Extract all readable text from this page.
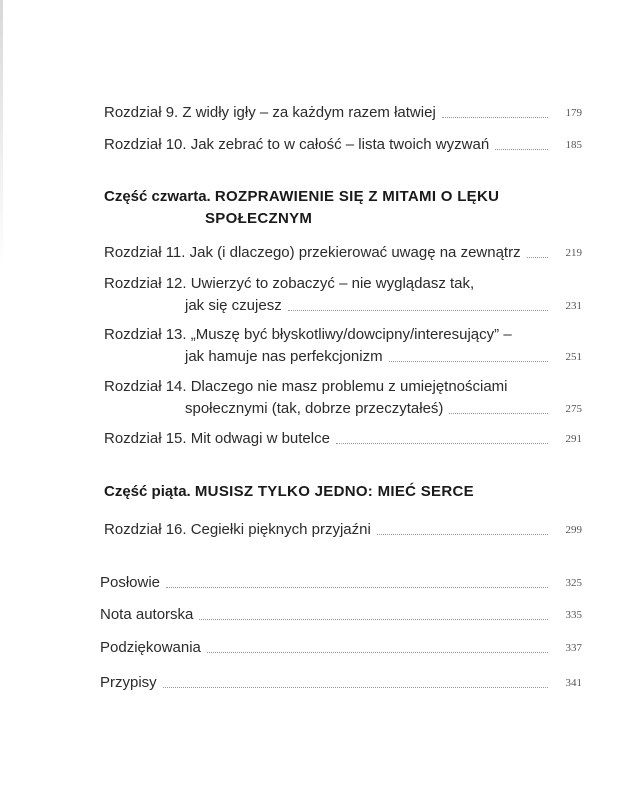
Rozdział 9. Z widły igły – za każdym razem łatwiej	179
Rozdział 10. Jak zebrać to w całość – lista twoich wyzwań	185
Część czwarta. ROZPRAWIENIE SIĘ Z MITAMI O LĘKU
SPOŁECZNYM
Rozdział 11. Jak (i dlaczego) przekierować uwagę na zewnątrz	219
Rozdział 12. Uwierzyć to zobaczyć – nie wyglądasz tak,
jak się czujesz	231
Rozdział 13. „Muszę być błyskotliwy/dowcipny/interesujący” –
jak hamuje nas perfekcjonizm	251
Rozdział 14. Dlaczego nie masz problemu z umiejętnościami
społecznymi (tak, dobrze przeczytałeś)	275
Rozdział 15. Mit odwagi w butelce	291
Część piąta. MUSISZ TYLKO JEDNO: MIEĆ SERCE
Rozdział 16. Cegiełki pięknych przyjaźni	299
Posłowie	325
Nota autorska	335
Podziękowania	337
Przypisy	341
